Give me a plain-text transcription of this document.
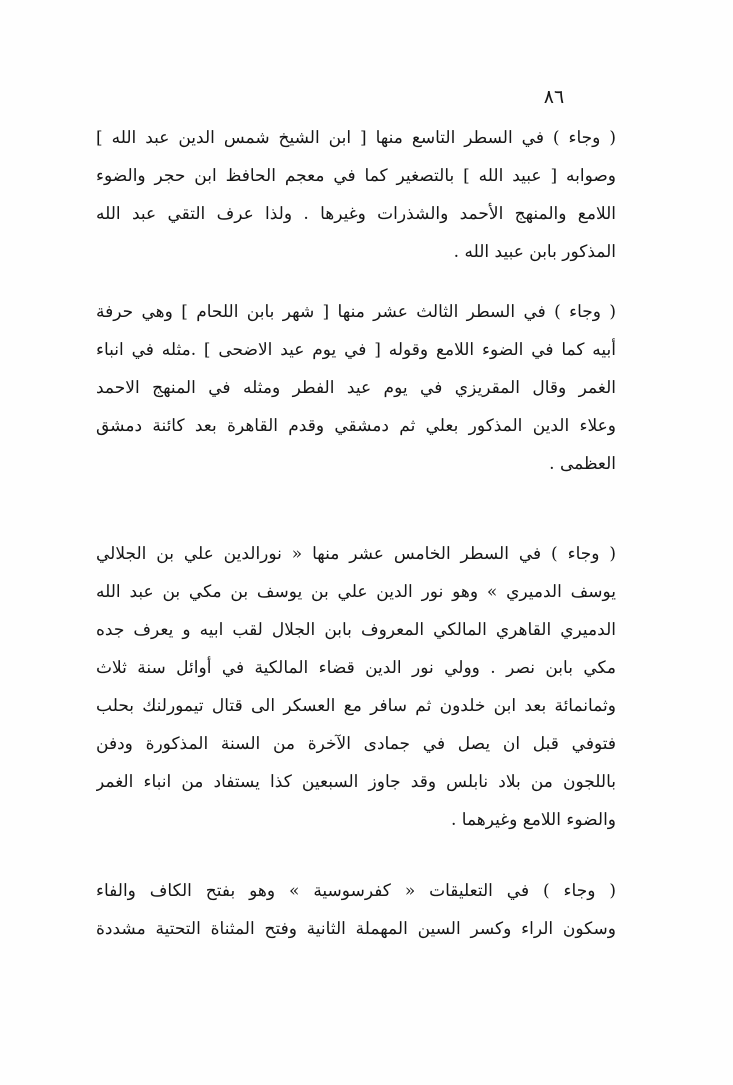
٨٦
( وجاء ) في السطر التاسع منها [ ابن الشيخ شمس الدين عبد الله ]
وصوابه [ عبيد الله ] بالتصغير كما في معجم الحافظ ابن حجر والضوء
اللامع والمنهج الأحمد والشذرات وغيرها . ولذا عرف التقي عبد الله
المذكور بابن عبيد الله .
( وجاء ) في السطر الثالث عشر منها [ شهر بابن اللحام ] وهي حرفة
أبيه كما في الضوء اللامع وقوله [ في يوم عيد الاضحى ] .مثله في انباء
الغمر وقال المقريزي في يوم عيد الفطر ومثله في المنهج الاحمد
وعلاء الدين المذكور بعلي ثم دمشقي وقدم القاهرة بعد كائنة دمشق
العظمى .
( وجاء ) في السطر الخامس عشر منها « نورالدين علي بن الجلالي
يوسف الدميري » وهو نور الدين علي بن يوسف بن مكي بن عبد الله
الدميري القاهري المالكي المعروف بابن الجلال لقب ابيه و يعرف جده
مكي بابن نصر . وولي نور الدين قضاء المالكية في أوائل سنة ثلاث
وثمانمائة بعد ابن خلدون ثم سافر مع العسكر الى قتال تيمورلنك بحلب
فتوفي قبل ان يصل في جمادى الآخرة من السنة المذكورة ودفن
باللجون من بلاد نابلس وقد جاوز السبعين كذا يستفاد من انباء الغمر
والضوء اللامع وغيرهما .
( وجاء ) في التعليقات « كفرسوسية » وهو بفتح الكاف والفاء
وسكون الراء وكسر السين المهملة الثانية وفتح المثناة التحتية مشددة
